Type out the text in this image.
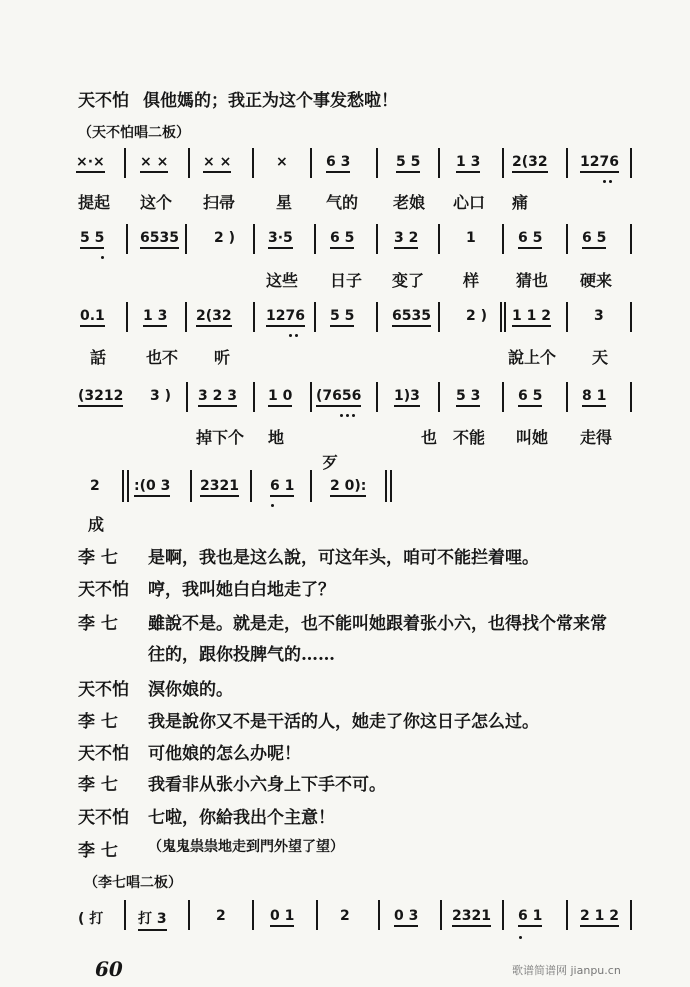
天不怕 俱他媽的；我正为这个事发愁啦！
（天不怕唱二板）
×·×	× × × ×	×	6 3	5 5	1 3 2(32 1276
提起 这个 扫帚	星 气的 老娘 心口 痛
5 5	6535	2 ) 3·5	6 5	3 2	1	6 5	6 5
这些 日子 变了 样 猜也 硬来
0.1	1 3 2(32 1276 5 5	6535	2 ) 1 1 2	3
話 也不 听	說上个 天
(3212 3 ) 3 2 3 1 0 (7656 1)3	5 3	6 5	8 1
掉下个 地	也 不能 叫她 走得
歹
2 :(0 3 2321 6 1	2 0):
成
李 七 是啊，我也是这么說，可这年头，咱可不能拦着哩。
天不怕 哼，我叫她白白地走了？
李 七 雖說不是。就是走，也不能叫她跟着张小六，也得找个常来常
往的，跟你投脾气的……
天不怕 溟你娘的。
李 七 我是說你又不是干活的人，她走了你这日子怎么过。
天不怕 可他娘的怎么办呢！
李 七 我看非从张小六身上下手不可。
天不怕 七啦，你給我出个主意！
李 七 （鬼鬼祟祟地走到門外望了望）
（李七唱二板）
( 打 打 3	2	0 1	2	0 3 2321 6 1	2 1 2
60	歌谱简谱网 jianpu.cn
